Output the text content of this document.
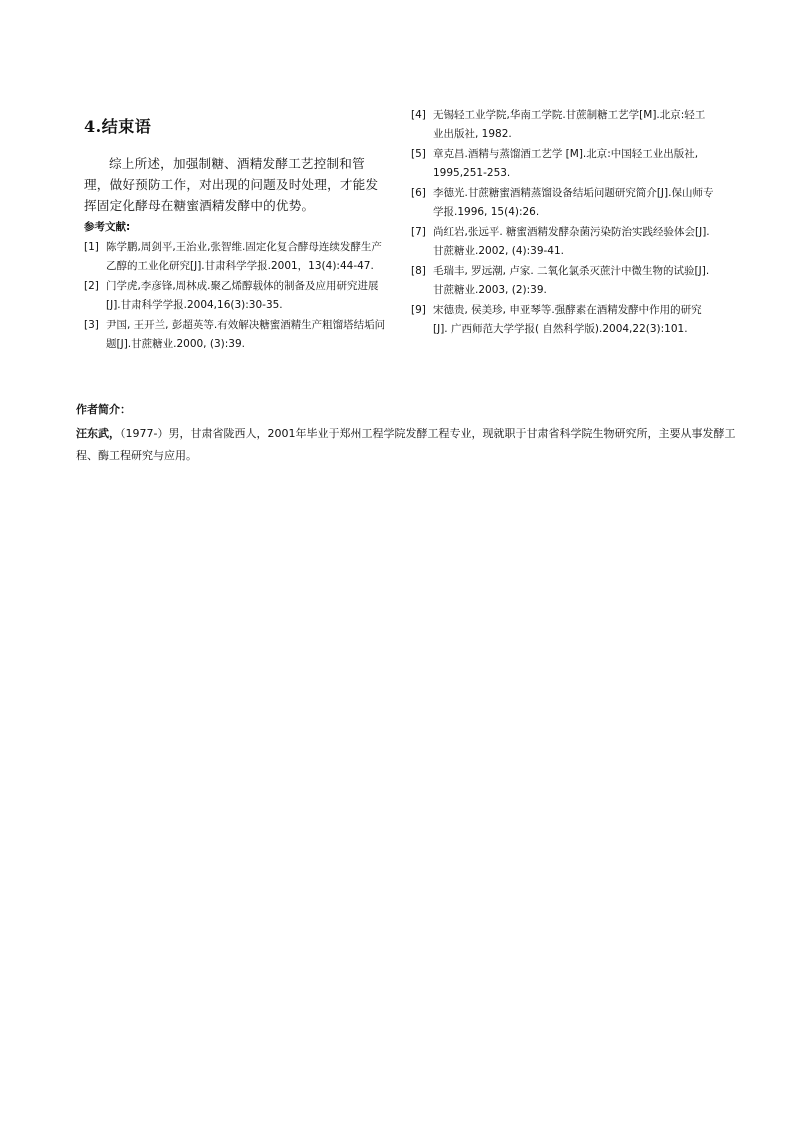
4.结束语

综上所述，加强制糖、酒精发酵工艺控制和管理，做好预防工作，对出现的问题及时处理，才能发挥固定化酵母在糖蜜酒精发酵中的优势。

参考文献:
[1] 陈学鹏,周剑平,王治业,张智维.固定化复合酵母连续发酵生产乙醇的工业化研究[J].甘肃科学学报.2001，13(4):44-47.
[2] 门学虎,李彦锋,周林成.聚乙烯醇载体的制备及应用研究进展[J].甘肃科学学报.2004,16(3):30-35.
[3] 尹国, 王开兰, 彭超英等.有效解决糖蜜酒精生产粗馏塔结垢问题[J].甘蔗糖业.2000, (3):39.
[4] 无锡轻工业学院,华南工学院.甘蔗制糖工艺学[M].北京:轻工业出版社, 1982.
[5] 章克昌.酒精与蒸馏酒工艺学 [M].北京:中国轻工业出版社, 1995,251-253.
[6] 李德光.甘蔗糖蜜酒精蒸馏设备结垢问题研究简介[J].保山师专学报.1996, 15(4):26.
[7] 尚红岩,张远平. 糖蜜酒精发酵杂菌污染防治实践经验体会[J].甘蔗糖业.2002, (4):39-41.
[8] 毛瑞丰, 罗远潮, 卢家. 二氧化氯杀灭蔗汁中微生物的试验[J].甘蔗糖业.2003, (2):39.
[9] 宋德贵, 侯美珍, 申亚琴等.强酵素在酒精发酵中作用的研究[J]. 广西师范大学学报( 自然科学版).2004,22(3):101.
作者简介：

汪东武，（1977-）男，甘肃省陇西人，2001年毕业于郑州工程学院发酵工程专业，现就职于甘肃省科学院生物研究所，主要从事发酵工程、酶工程研究与应用。
